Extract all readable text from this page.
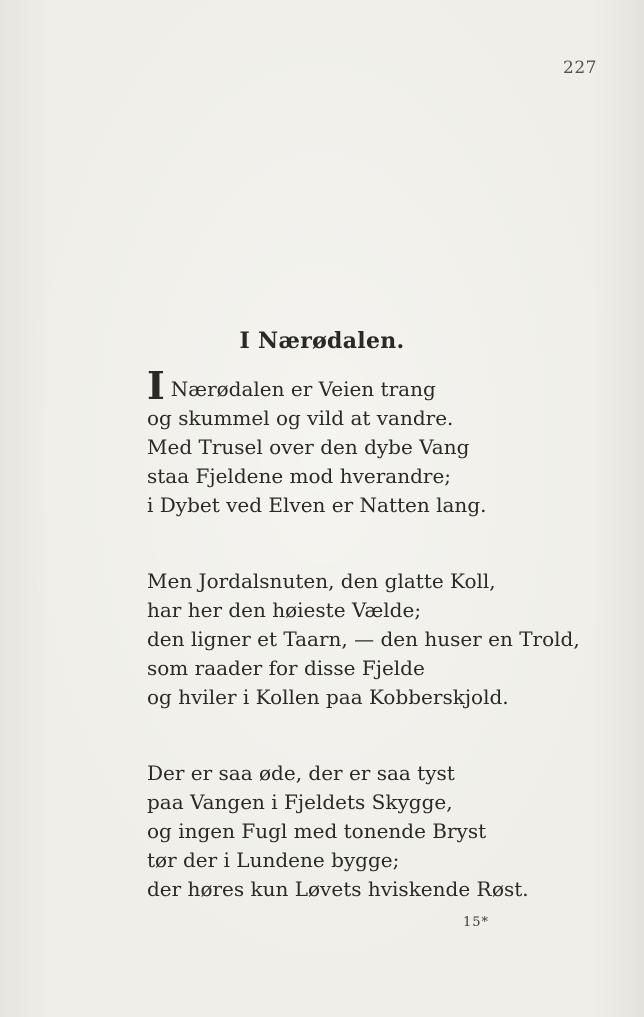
227
I Nærødalen.
I Nærødalen er Veien trang
og skummel og vild at vandre.
Med Trusel over den dybe Vang
staa Fjeldene mod hverandre;
i Dybet ved Elven er Natten lang.
Men Jordalsnuten, den glatte Koll,
har her den høieste Vælde;
den ligner et Taarn, — den huser en Trold,
som raader for disse Fjelde
og hviler i Kollen paa Kobberskjold.
Der er saa øde, der er saa tyst
paa Vangen i Fjeldets Skygge,
og ingen Fugl med tonende Bryst
tør der i Lundene bygge;
der høres kun Løvets hviskende Røst.
15*
